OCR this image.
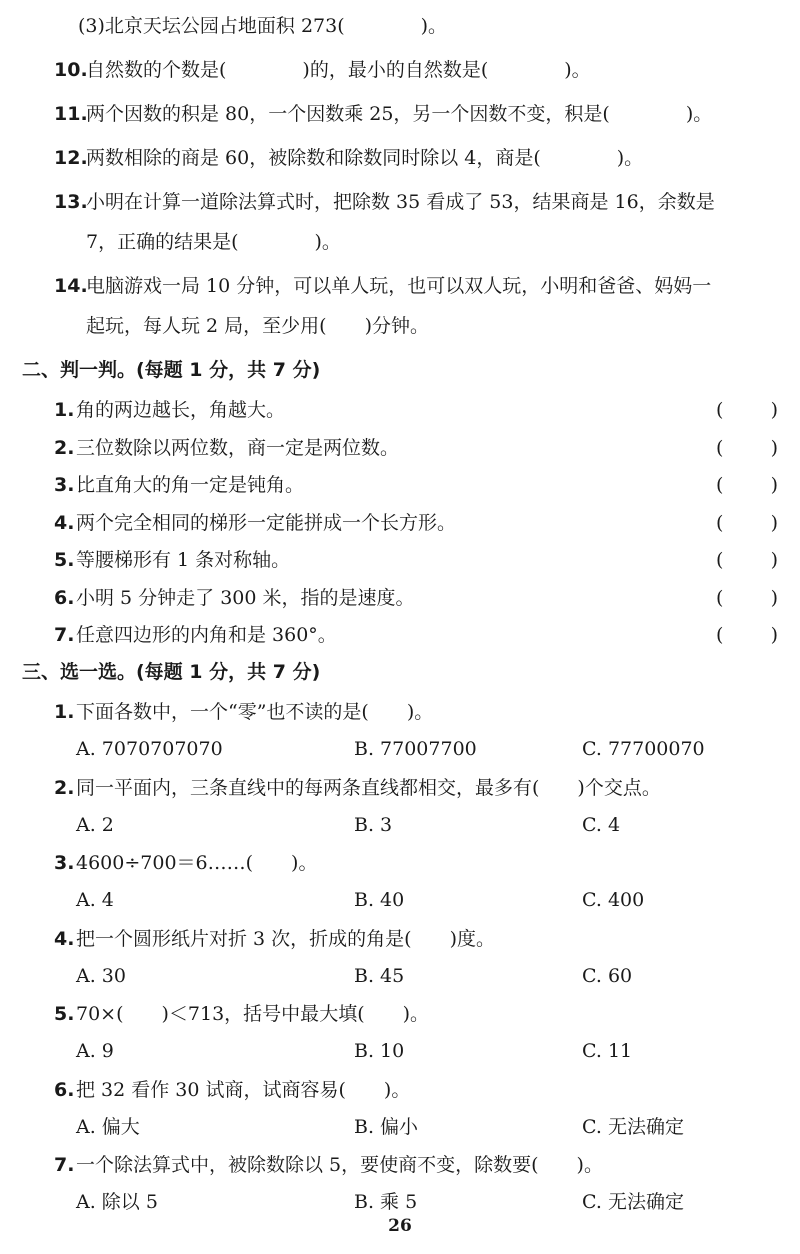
(3)北京天坛公园占地面积 273(　　　　)。
10.
自然数的个数是(　　　　)的，最小的自然数是(　　　　)。
11.
两个因数的积是 80，一个因数乘 25，另一个因数不变，积是(　　　　)。
12.
两数相除的商是 60，被除数和除数同时除以 4，商是(　　　　)。
13.
小明在计算一道除法算式时，把除数 35 看成了 53，结果商是 16，余数是
7，正确的结果是(　　　　)。
14.
电脑游戏一局 10 分钟，可以单人玩，也可以双人玩，小明和爸爸、妈妈一
起玩，每人玩 2 局，至少用(　　)分钟。
二、判一判。(每题 1 分，共 7 分)
1. 角的两边越长，角越大。	( )
2. 三位数除以两位数，商一定是两位数。	( )
3. 比直角大的角一定是钝角。	( )
4. 两个完全相同的梯形一定能拼成一个长方形。	( )
5. 等腰梯形有 1 条对称轴。	( )
6. 小明 5 分钟走了 300 米，指的是速度。	( )
7. 任意四边形的内角和是 360°。	( )
三、选一选。(每题 1 分，共 7 分)
1. 下面各数中，一个“零”也不读的是(　　)。
A. 7070707070	B. 77007700	C. 77700070
2. 同一平面内，三条直线中的每两条直线都相交，最多有(　　)个交点。
A. 2	B. 3	C. 4
3. 4600÷700＝6……(　　)。
A. 4	B. 40	C. 400
4. 把一个圆形纸片对折 3 次，折成的角是(　　)度。
A. 30	B. 45	C. 60
5. 70×(　　)＜713，括号中最大填(　　)。
A. 9	B. 10	C. 11
6. 把 32 看作 30 试商，试商容易(　　)。
A. 偏大	B. 偏小	C. 无法确定
7. 一个除法算式中，被除数除以 5，要使商不变，除数要(　　)。
A. 除以 5	B. 乘 5	C. 无法确定
26
